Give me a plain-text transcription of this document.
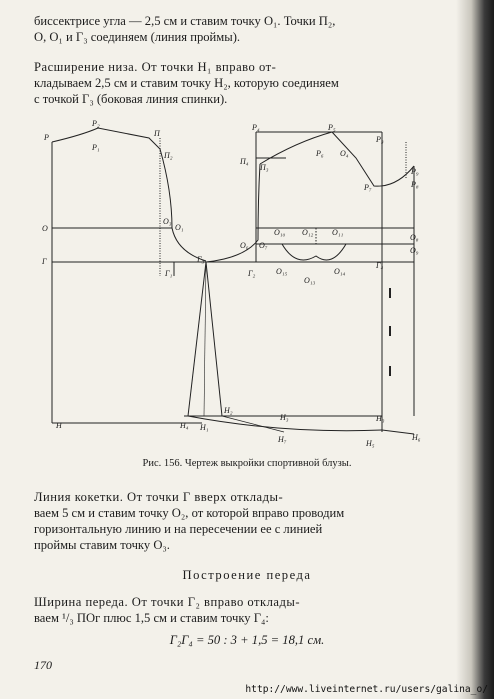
биссектрисе угла — 2,5 см и ставим точку O₁. Точки П₂,
O, O₁ и Г₃ соединяем (линия проймы).
Расширение низа. От точки H₁ вправо от-
кладываем 2,5 см и ставим точку H₂, которую соединяем
с точкой Г₃ (боковая линия спинки).
P
P₂
P₁
П
П₂
O
O₃
O₁
Г
Г₁
Г₃
Г₂
Г₄
H	H₄ H₁
H₂
H₃
H₇
H₃
H₅
H₆
P₄	P₅
P₃
P₆ O₄
П₄
П₃
P₇
P₉
P₈
O₆ O₇
O₁₀ O₁₂ O₁₁
O₈
O₉
O₁₅
O₁₃
O₁₄
Рис. 156. Чертеж выкройки спортивной блузы.
Линия кокетки. От точки Г вверх отклады-
ваем 5 см и ставим точку O₂, от которой вправо проводим
горизонтальную линию и на пересечении ее с линией
проймы ставим точку O₃.
Построение переда
Ширина переда. От точки Г₂ вправо отклады-
ваем ¹/₃ ПОг плюс 1,5 см и ставим точку Г₄:
Г₂Г₄ = 50 : 3 + 1,5 = 18,1 см.
170
http://www.liveinternet.ru/users/galina_o/
